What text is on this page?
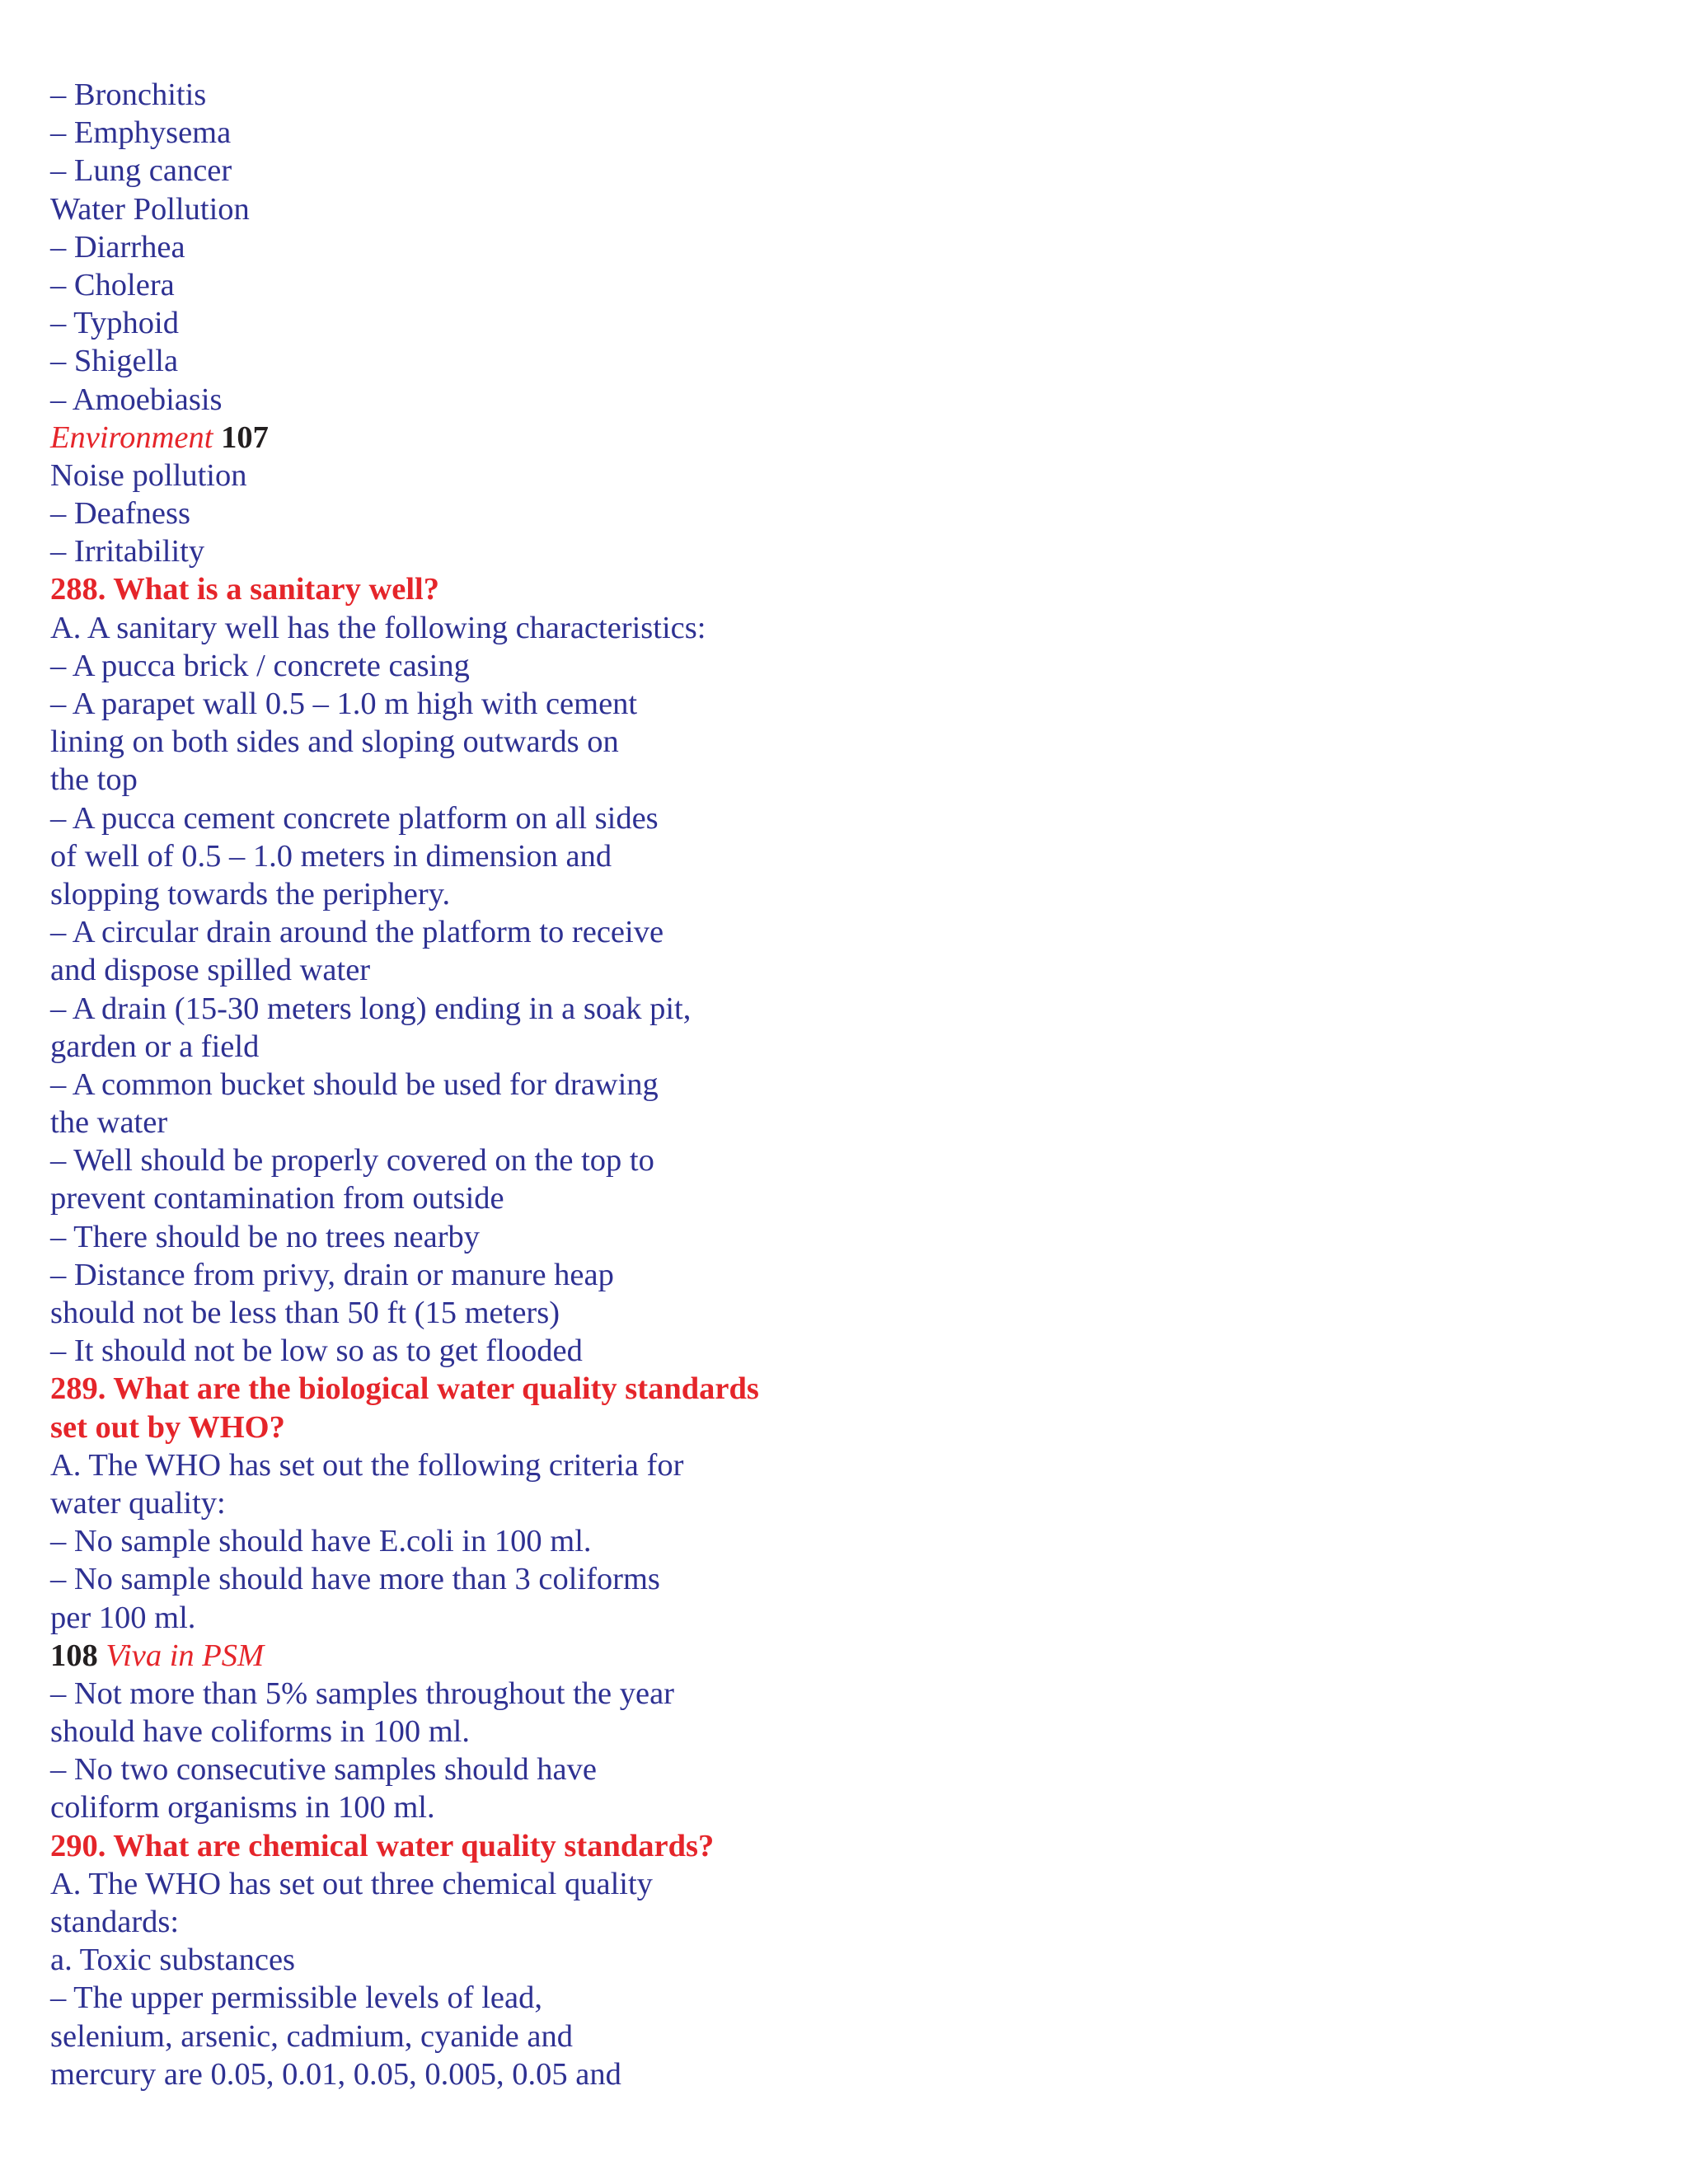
– Bronchitis
– Emphysema
– Lung cancer
Water Pollution
– Diarrhea
– Cholera
– Typhoid
– Shigella
– Amoebiasis
Environment 107
Noise pollution
– Deafness
– Irritability
288. What is a sanitary well?
A. A sanitary well has the following characteristics:
– A pucca brick / concrete casing
– A parapet wall 0.5 – 1.0 m high with cement
lining on both sides and sloping outwards on
the top
– A pucca cement concrete platform on all sides
of well of 0.5 – 1.0 meters in dimension and
slopping towards the periphery.
– A circular drain around the platform to receive
and dispose spilled water
– A drain (15-30 meters long) ending in a soak pit,
garden or a field
– A common bucket should be used for drawing
the water
– Well should be properly covered on the top to
prevent contamination from outside
– There should be no trees nearby
– Distance from privy, drain or manure heap
should not be less than 50 ft (15 meters)
– It should not be low so as to get flooded
289. What are the biological water quality standards
set out by WHO?
A. The WHO has set out the following criteria for
water quality:
– No sample should have E.coli in 100 ml.
– No sample should have more than 3 coliforms
per 100 ml.
108 Viva in PSM
– Not more than 5% samples throughout the year
should have coliforms in 100 ml.
– No two consecutive samples should have
coliform organisms in 100 ml.
290. What are chemical water quality standards?
A. The WHO has set out three chemical quality
standards:
a. Toxic substances
– The upper permissible levels of lead,
selenium, arsenic, cadmium, cyanide and
mercury are 0.05, 0.01, 0.05, 0.005, 0.05 and
